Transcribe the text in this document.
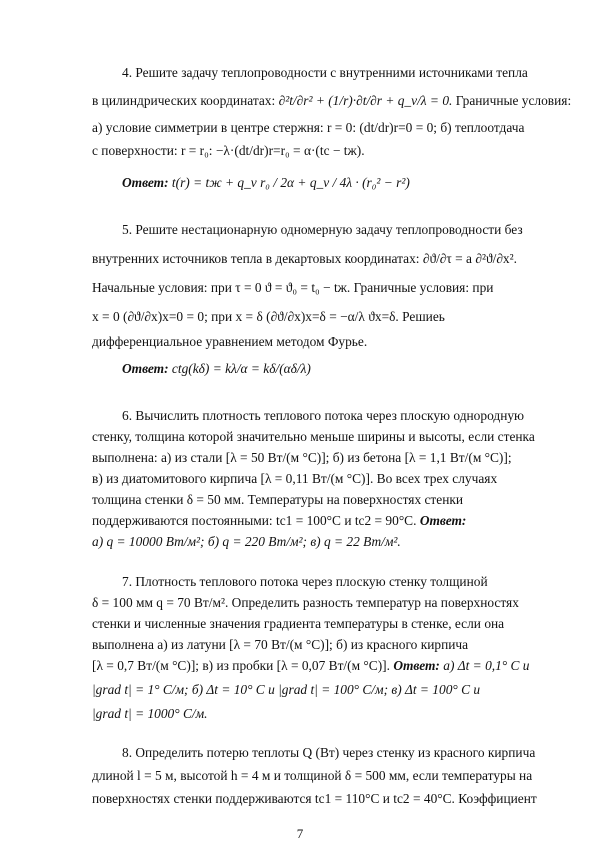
4. Решите задачу теплопроводности с внутренними источниками тепла
в цилиндрических координатах: ∂²t/∂r² + (1/r)·∂t/∂r + q_v/λ = 0. Граничные условия:
а) условие симметрии в центре стержня: r = 0: (dt/dr)r=0 = 0; б) теплоотдача
с поверхности: r = r₀: −λ·(dt/dr)r=r₀ = α·(tc − tж).
Ответ: t(r) = tж + q_v r₀ / 2α + q_v / 4λ · (r₀² − r²)
5. Решите нестационарную одномерную задачу теплопроводности без
внутренних источников тепла в декартовых координатах: ∂ϑ/∂τ = a ∂²ϑ/∂x².
Начальные условия: при τ = 0 ϑ = ϑ₀ = t₀ − tж. Граничные условия: при
x = 0 (∂ϑ/∂x)x=0 = 0; при x = δ (∂ϑ/∂x)x=δ = −α/λ ϑx=δ. Решиеь
дифференциальное уравнением методом Фурье.
Ответ: ctg(kδ) = kλ/α = kδ/(αδ/λ)
6. Вычислить плотность теплового потока через плоскую однородную
стенку, толщина которой значительно меньше ширины и высоты, если стенка
выполнена: а) из стали [λ = 50 Вт/(м °C)]; б) из бетона [λ = 1,1 Вт/(м °C)];
в) из диатомитового кирпича [λ = 0,11 Вт/(м °C)]. Во всех трех случаях
толщина стенки δ = 50 мм. Температуры на поверхностях стенки
поддерживаются постоянными: tc1 = 100°C и tc2 = 90°C. Ответ:
а) q = 10000 Вт/м²; б) q = 220 Вт/м²; в) q = 22 Вт/м².
7. Плотность теплового потока через плоскую стенку толщиной
δ = 100 мм q = 70 Вт/м². Определить разность температур на поверхностях
стенки и численные значения градиента температуры в стенке, если она
выполнена а) из латуни [λ = 70 Вт/(м °C)]; б) из красного кирпича
[λ = 0,7 Вт/(м °C)]; в) из пробки [λ = 0,07 Вт/(м °C)]. Ответ: а) Δt = 0,1° C и
|grad t| = 1° C/м; б) Δt = 10° C и |grad t| = 100° C/м; в) Δt = 100° C и
|grad t| = 1000° C/м.
8. Определить потерю теплоты Q (Вт) через стенку из красного кирпича
длиной l = 5 м, высотой h = 4 м и толщиной δ = 500 мм, если температуры на
поверхностях стенки поддерживаются tc1 = 110°C и tc2 = 40°C. Коэффициент
7
